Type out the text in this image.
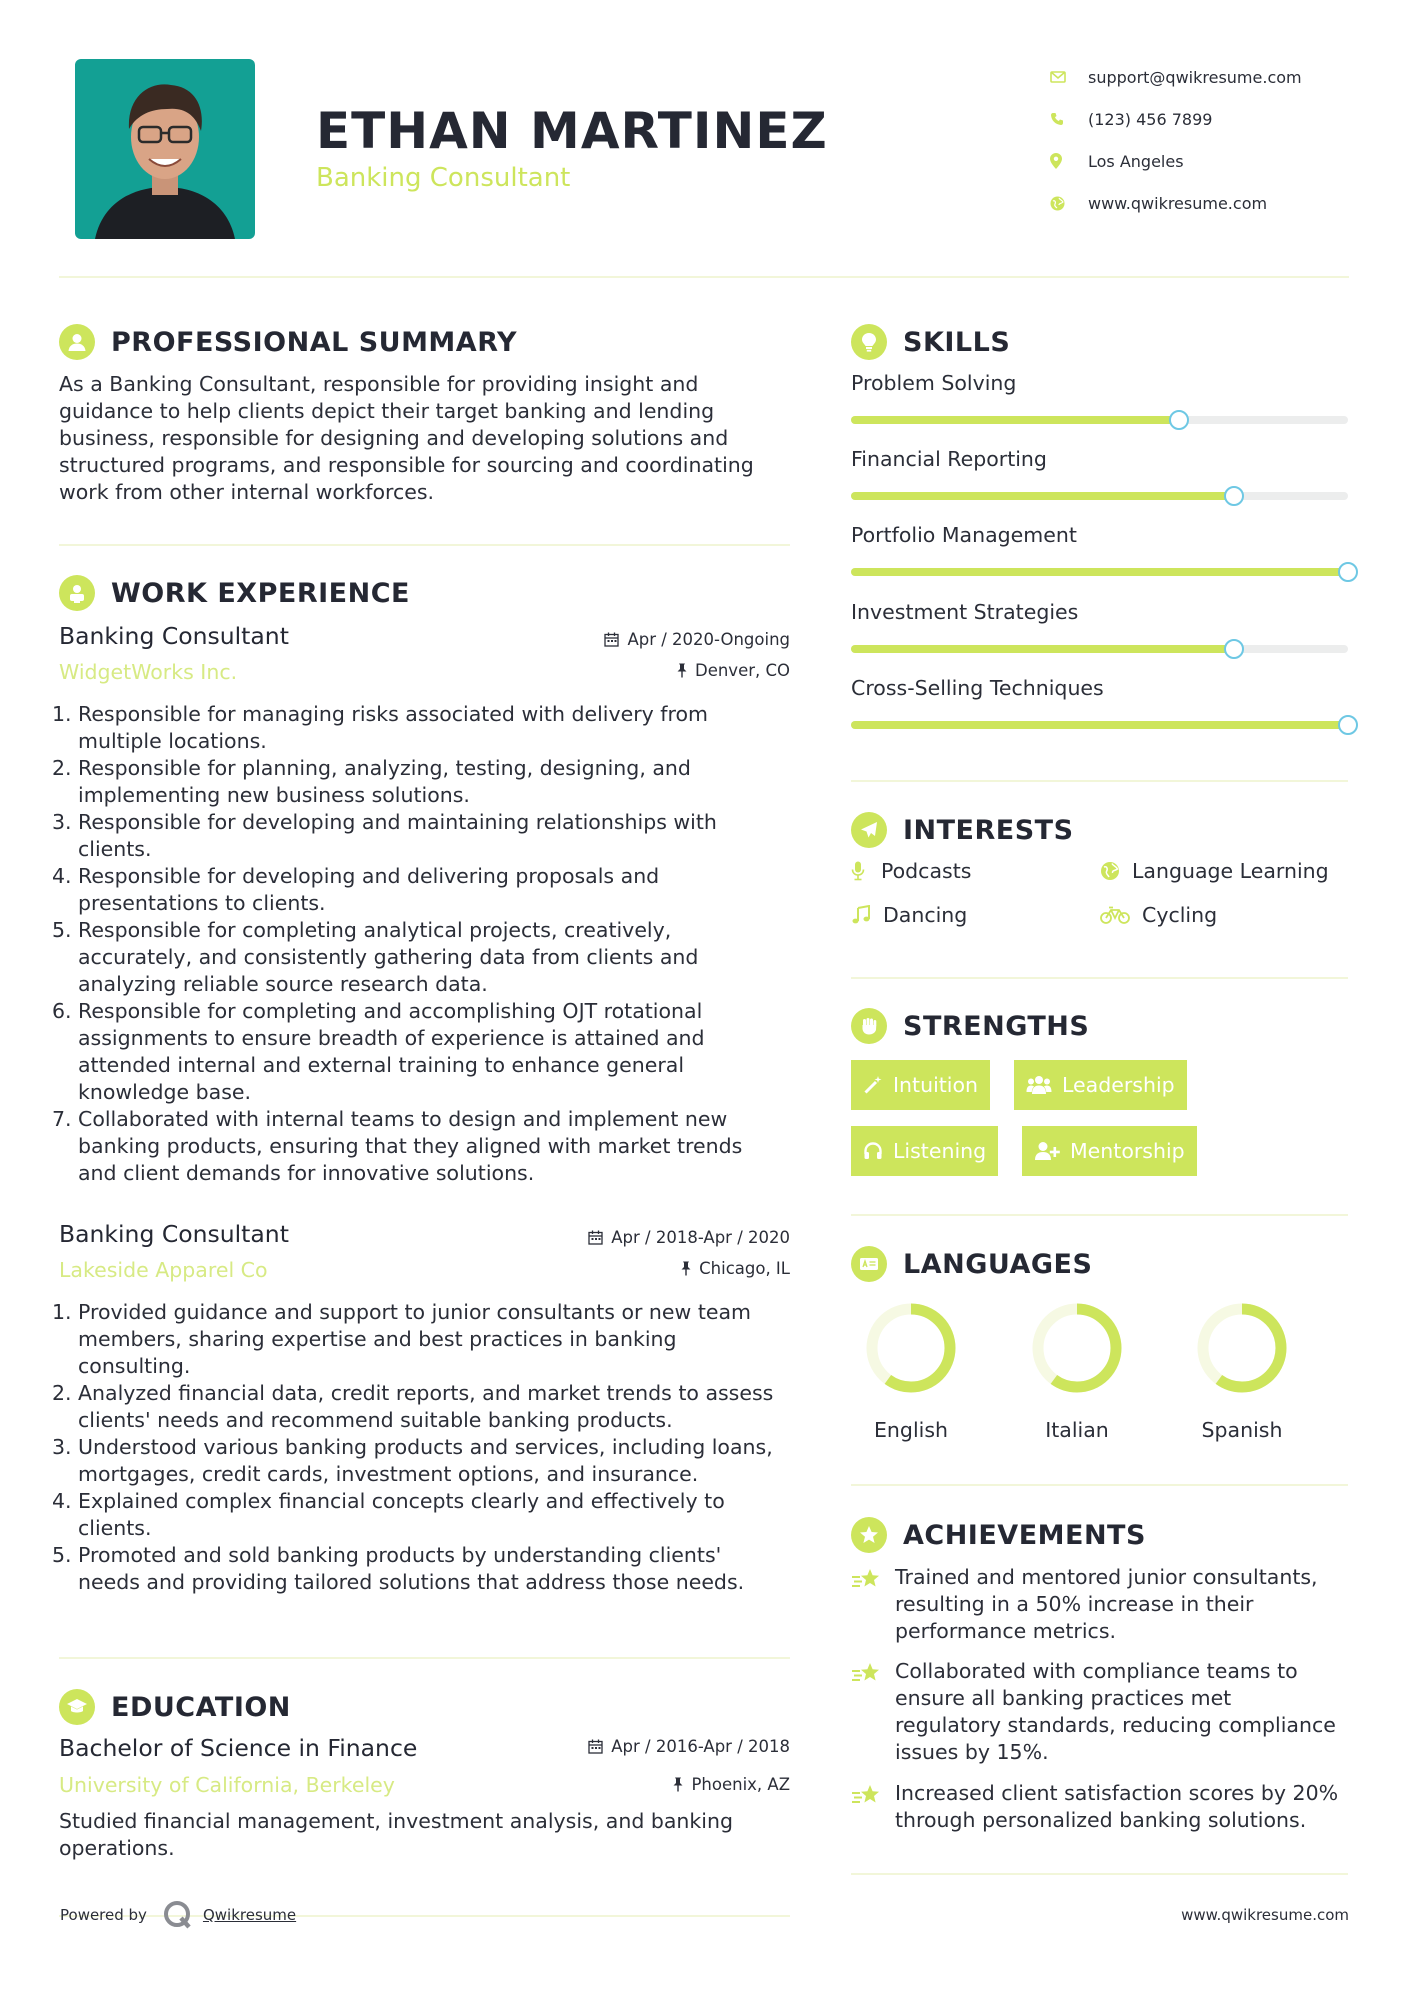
ETHAN MARTINEZ
Banking Consultant
support@qwikresume.com
(123) 456 7899
Los Angeles
www.qwikresume.com
PROFESSIONAL SUMMARY
As a Banking Consultant, responsible for providing insight and
guidance to help clients depict their target banking and lending
business, responsible for designing and developing solutions and
structured programs, and responsible for sourcing and coordinating
work from other internal workforces.
WORK EXPERIENCE
Banking Consultant
WidgetWorks Inc.
Apr / 2020-Ongoing
Denver, CO
1. Responsible for managing risks associated with delivery from
multiple locations.
2. Responsible for planning, analyzing, testing, designing, and
implementing new business solutions.
3. Responsible for developing and maintaining relationships with
clients.
4. Responsible for developing and delivering proposals and
presentations to clients.
5. Responsible for completing analytical projects, creatively,
accurately, and consistently gathering data from clients and
analyzing reliable source research data.
6. Responsible for completing and accomplishing OJT rotational
assignments to ensure breadth of experience is attained and
attended internal and external training to enhance general
knowledge base.
7. Collaborated with internal teams to design and implement new
banking products, ensuring that they aligned with market trends
and client demands for innovative solutions.
Banking Consultant
Lakeside Apparel Co
Apr / 2018-Apr / 2020
Chicago, IL
1. Provided guidance and support to junior consultants or new team
members, sharing expertise and best practices in banking
consulting.
2. Analyzed financial data, credit reports, and market trends to assess
clients' needs and recommend suitable banking products.
3. Understood various banking products and services, including loans,
mortgages, credit cards, investment options, and insurance.
4. Explained complex financial concepts clearly and effectively to
clients.
5. Promoted and sold banking products by understanding clients'
needs and providing tailored solutions that address those needs.
EDUCATION
Bachelor of Science in Finance
University of California, Berkeley
Apr / 2016-Apr / 2018
Phoenix, AZ
Studied financial management, investment analysis, and banking
operations.
SKILLS
Problem Solving
Financial Reporting
Portfolio Management
Investment Strategies
Cross-Selling Techniques
INTERESTS
Podcasts	Language Learning
Dancing	Cycling
STRENGTHS
Intuition	Leadership
Listening	Mentorship
LANGUAGES
English	Italian	Spanish
ACHIEVEMENTS
Trained and mentored junior consultants,
resulting in a 50% increase in their
performance metrics.
Collaborated with compliance teams to
ensure all banking practices met
regulatory standards, reducing compliance
issues by 15%.
Increased client satisfaction scores by 20%
through personalized banking solutions.
Powered by	Qwikresume	www.qwikresume.com
